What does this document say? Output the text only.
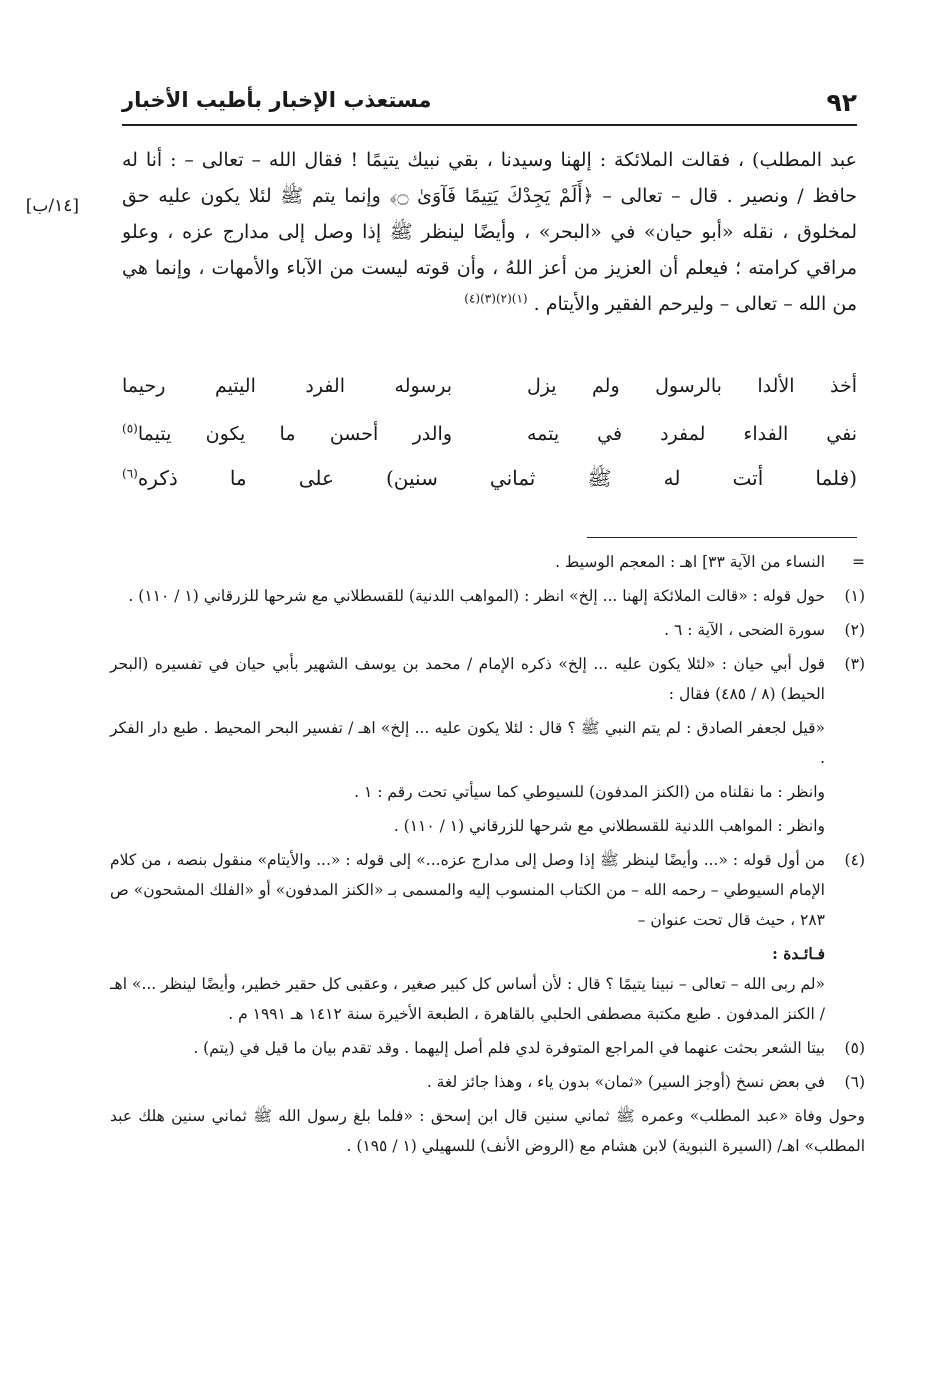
٩٢
مستعذب الإخبار بأطيب الأخبار
[١٤/ب]

عبد المطلب) ، فقالت الملائكة : إلهنا وسيدنا ، بقي نبيك يتيمًا ! فقال الله – تعالى – : أنا له حافظ / ونصير . قال – تعالى – ﴿أَلَمْ يَجِدْكَ يَتِيمًا فَآوَىٰ ۝﴾ وإنما يتم ﷺ لئلا يكون عليه حق لمخلوق ، نقله «أبو حيان» في «البحر» ، وأيضًا لينظر ﷺ إذا وصل إلى مدارج عزه ، وعلو مراقي كرامته ؛ فيعلم أن العزيز من أعز اللهُ ، وأن قوته ليست من الآباء والأمهات ، وإنما هي من الله – تعالى – وليرحم الفقير والأيتام . $^{(١)(٢)(٣)(٤)}$

أخذ الألدا بالرسول ولم يزل
برسوله الفرد اليتيم رحيما
نفي الفداء لمفرد في يتمه
والدر أحسن ما يكون يتيما$^{(٥)}$
(فلما أتت له ﷺ ثماني سنين) على ما ذكره$^{(٦)}$
=
النساء من الآية ٣٣] اهـ : المعجم الوسيط .
(١)
حول قوله : «قالت الملائكة إلهنا ... إلخ» انظر : (المواهب اللدنية) للقسطلاني مع شرحها للزرقاني (١ / ١١٠) .
(٢)
سورة الضحى ، الآية : ٦ .
(٣)
قول أبي حيان : «لئلا يكون عليه ... إلخ» ذكره الإمام / محمد بن يوسف الشهير بأبي حيان في تفسيره (البحر الحيط) (٨ / ٤٨٥) فقال :
«قيل لجعفر الصادق : لم يتم النبي ﷺ ؟ قال : لئلا يكون عليه ... إلخ» اهـ / تفسير البحر المحيط . طبع دار الفكر .
وانظر : ما نقلناه من (الكنز المدفون) للسيوطي كما سيأتي تحت رقم : ١ .
وانظر : المواهب اللدنية للقسطلاني مع شرحها للزرقاني (١ / ١١٠) .
(٤)
من أول قوله : «... وأيضًا لينظر ﷺ إذا وصل إلى مدارج عزه...» إلى قوله : «... والأيتام» منقول بنصه ، من كلام الإمام السيوطي – رحمه الله – من الكتاب المنسوب إليه والمسمى بـ «الكنز المدفون» أو «الفلك المشحون» ص ٢٨٣ ، حيث قال تحت عنوان –
فـائـدة :
«لم ربى الله – تعالى – نبينا يتيمًا ؟ قال : لأن أساس كل كبير صغير ، وعقبى كل حقير خطير، وأيضًا لينظر ...» اهـ / الكنز المدفون . طبع مكتبة مصطفى الحلبي بالقاهرة ، الطبعة الأخيرة سنة ١٤١٢ هـ ١٩٩١ م .
(٥)
بيتا الشعر بحثت عنهما في المراجع المتوفرة لدي فلم أصل إليهما . وقد تقدم بيان ما قيل في (يتم) .
(٦)
في بعض نسخ (أوجز السير) «ثمان» بدون ياء ، وهذا جائز لغة .
وحول وفاة «عبد المطلب» وعمره ﷺ ثماني سنين قال ابن إسحق : «فلما بلغ رسول الله ﷺ ثماني سنين هلك عبد المطلب» اهـ/ (السيرة النبوية) لابن هشام مع (الروض الأنف) للسهيلي (١ / ١٩٥) .
